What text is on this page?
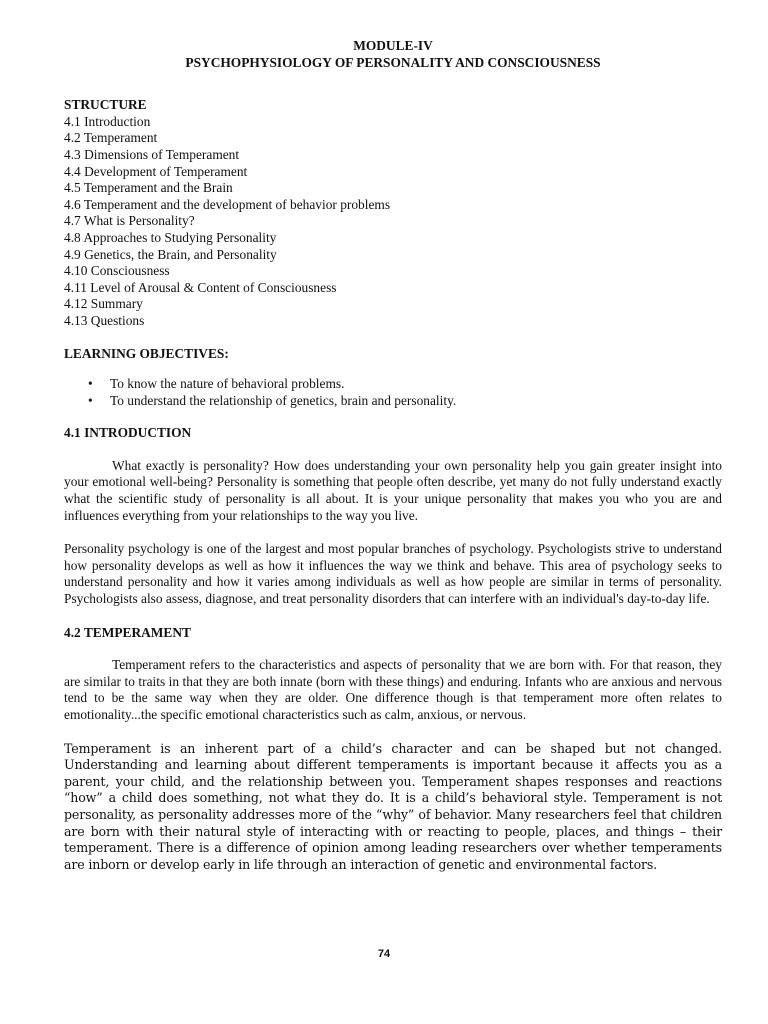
MODULE-IV
PSYCHOPHYSIOLOGY OF PERSONALITY AND CONSCIOUSNESS
STRUCTURE
4.1 Introduction
4.2 Temperament
4.3 Dimensions of Temperament
4.4 Development of Temperament
4.5 Temperament and the Brain
4.6 Temperament and the development of behavior problems
4.7 What is Personality?
4.8 Approaches to Studying Personality
4.9 Genetics, the Brain, and Personality
4.10 Consciousness
4.11 Level of Arousal & Content of Consciousness
4.12 Summary
4.13 Questions
LEARNING OBJECTIVES:
• To know the nature of behavioral problems.
• To understand the relationship of genetics, brain and personality.
4.1 INTRODUCTION

What exactly is personality? How does understanding your own personality help you gain greater insight into your emotional well-being? Personality is something that people often describe, yet many do not fully understand exactly what the scientific study of personality is all about. It is your unique personality that makes you who you are and influences everything from your relationships to the way you live.

Personality psychology is one of the largest and most popular branches of psychology. Psychologists strive to understand how personality develops as well as how it influences the way we think and behave. This area of psychology seeks to understand personality and how it varies among individuals as well as how people are similar in terms of personality. Psychologists also assess, diagnose, and treat personality disorders that can interfere with an individual's day-to-day life.

4.2 TEMPERAMENT

Temperament refers to the characteristics and aspects of personality that we are born with. For that reason, they are similar to traits in that they are both innate (born with these things) and enduring. Infants who are anxious and nervous tend to be the same way when they are older. One difference though is that temperament more often relates to emotionality...the specific emotional characteristics such as calm, anxious, or nervous.

Temperament is an inherent part of a child’s character and can be shaped but not changed. Understanding and learning about different temperaments is important because it affects you as a parent, your child, and the relationship between you. Temperament shapes responses and reactions “how” a child does something, not what they do. It is a child’s behavioral style. Temperament is not personality, as personality addresses more of the “why” of behavior. Many researchers feel that children are born with their natural style of interacting with or reacting to people, places, and things – their temperament. There is a difference of opinion among leading researchers over whether temperaments are inborn or develop early in life through an interaction of genetic and environmental factors.

74
